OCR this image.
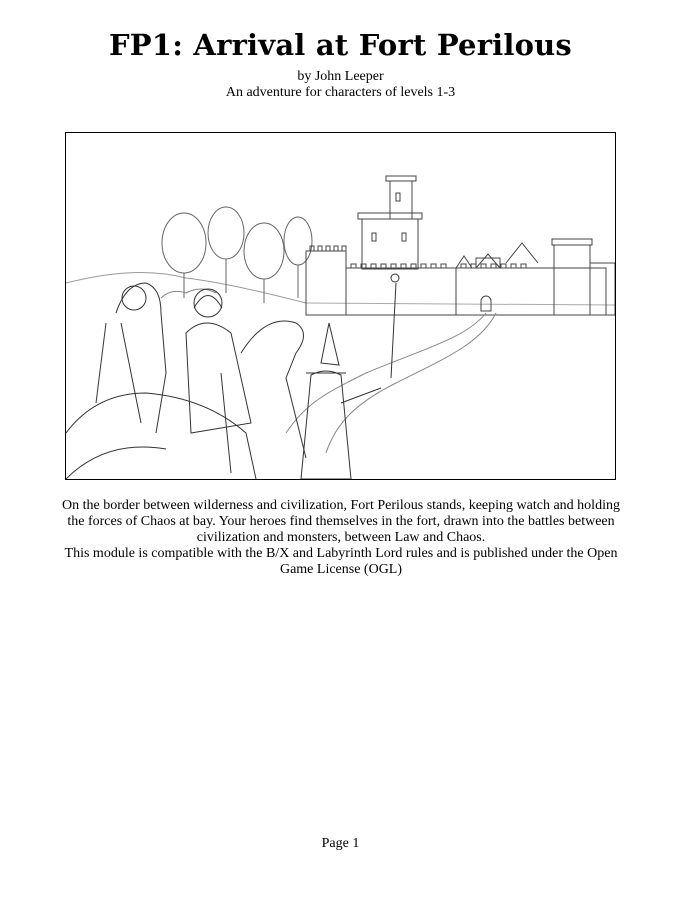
FP1: Arrival at Fort Perilous
by John Leeper
An adventure for characters of levels 1-3

On the border between wilderness and civilization, Fort Perilous stands, keeping watch and holding the forces of Chaos at bay. Your heroes find themselves in the fort, drawn into the battles between civilization and monsters, between Law and Chaos.

This module is compatible with the B/X and Labyrinth Lord rules and is published under the Open Game License (OGL)

Page 1
